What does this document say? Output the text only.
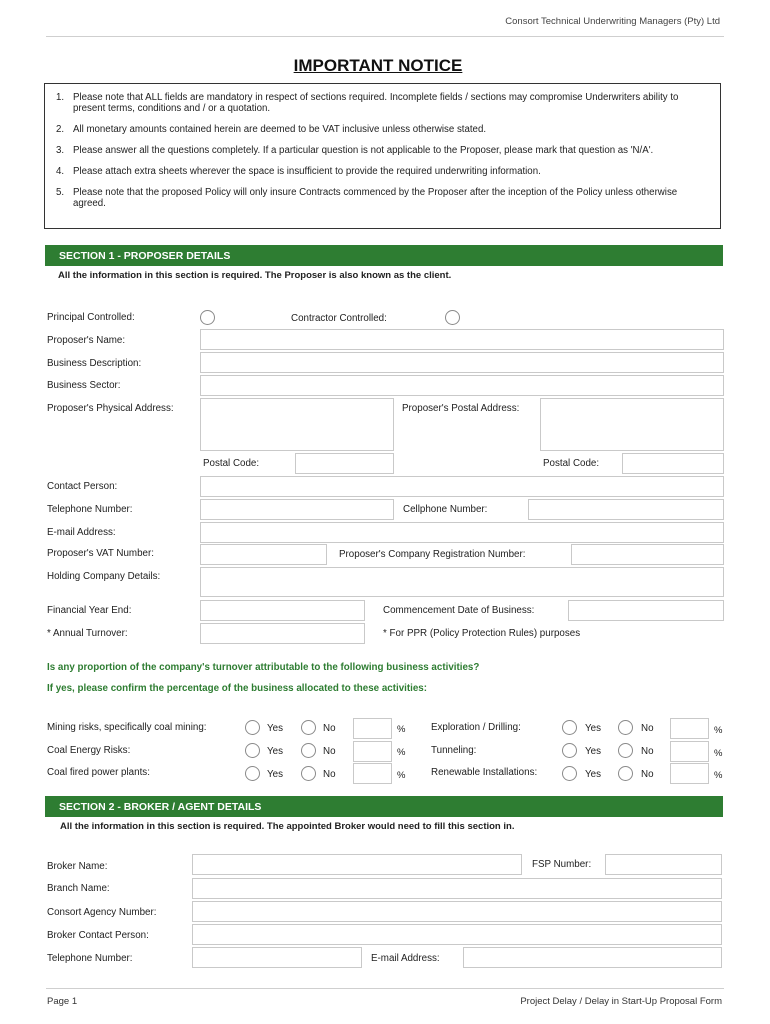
Consort Technical Underwriting Managers (Pty) Ltd
IMPORTANT NOTICE
1. Please note that ALL fields are mandatory in respect of sections required. Incomplete fields / sections may compromise Underwriters ability to present terms, conditions and / or a quotation.
2. All monetary amounts contained herein are deemed to be VAT inclusive unless otherwise stated.
3. Please answer all the questions completely. If a particular question is not applicable to the Proposer, please mark that question as 'N/A'.
4. Please attach extra sheets wherever the space is insufficient to provide the required underwriting information.
5. Please note that the proposed Policy will only insure Contracts commenced by the Proposer after the inception of the Policy unless otherwise agreed.
SECTION 1 - PROPOSER DETAILS
All the information in this section is required. The Proposer is also known as the client.
Principal Controlled:	Contractor Controlled:
Proposer's Name:
Business Description:
Business Sector:
Proposer's Physical Address:	Proposer's Postal Address:
Postal Code:	Postal Code:
Contact Person:
Telephone Number:	Cellphone Number:
E-mail Address:
Proposer's VAT Number:	Proposer's Company Registration Number:
Holding Company Details:
Financial Year End:	Commencement Date of Business:
* Annual Turnover:	* For PPR (Policy Protection Rules) purposes
Is any proportion of the company's turnover attributable to the following business activities?
If yes, please confirm the percentage of the business allocated to these activities:
Mining risks, specifically coal mining:	Yes	No	%
Coal Energy Risks:	Yes	No	%
Coal fired power plants:	Yes	No	%
Exploration / Drilling:	Yes	No	%
Tunneling:	Yes	No	%
Renewable Installations:	Yes	No	%
SECTION 2 - BROKER / AGENT DETAILS
All the information in this section is required. The appointed Broker would need to fill this section in.
Broker Name:	FSP Number:
Branch Name:
Consort Agency Number:
Broker Contact Person:
Telephone Number:	E-mail Address:
Page 1	Project Delay / Delay in Start-Up Proposal Form
